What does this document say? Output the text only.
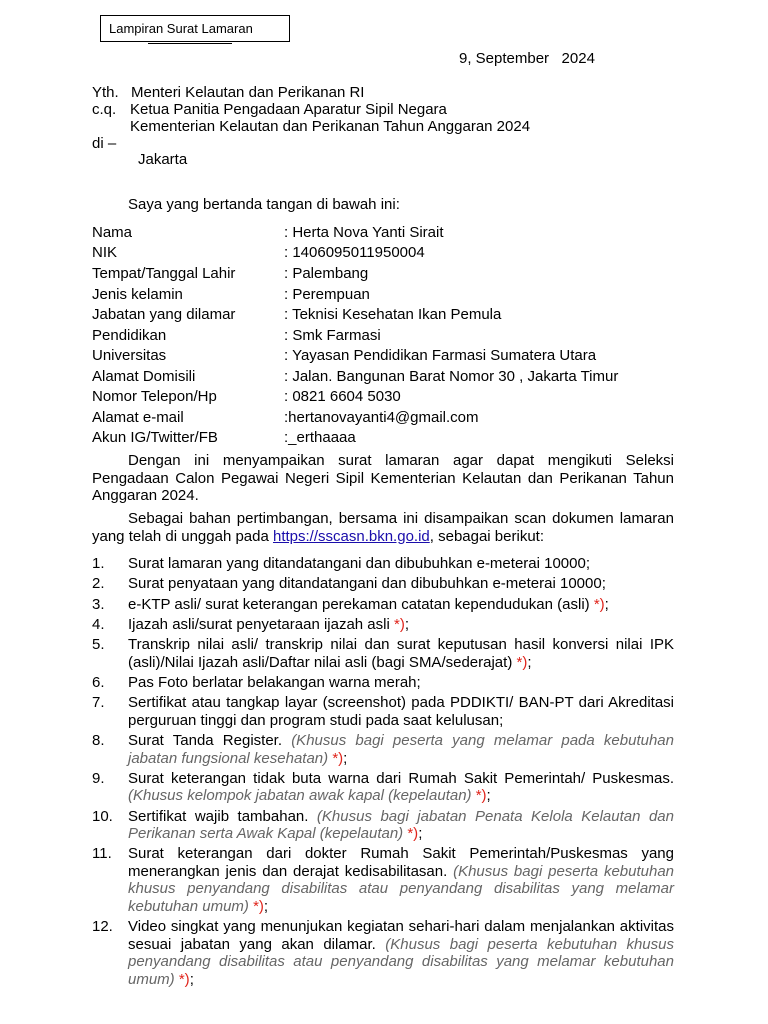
Lampiran Surat Lamaran
9, September   2024
Yth. Menteri Kelautan dan Perikanan RI
c.q. Ketua Panitia Pengadaan Aparatur Sipil Negara
Kementerian Kelautan dan Perikanan Tahun Anggaran 2024
di –
Jakarta
Saya yang bertanda tangan di bawah ini:
Nama	: Herta Nova Yanti Sirait
NIK	: 1406095011950004
Tempat/Tanggal Lahir	: Palembang
Jenis kelamin	: Perempuan
Jabatan yang dilamar	: Teknisi Kesehatan Ikan Pemula
Pendidikan	: Smk Farmasi
Universitas	: Yayasan Pendidikan Farmasi Sumatera Utara
Alamat Domisili	: Jalan. Bangunan Barat Nomor 30 , Jakarta Timur
Nomor Telepon/Hp	: 0821 6604 5030
Alamat e-mail	:hertanovayanti4@gmail.com
Akun IG/Twitter/FB	:_erthaaaa
Dengan ini menyampaikan surat lamaran agar dapat mengikuti Seleksi Pengadaan Calon Pegawai Negeri Sipil Kementerian Kelautan dan Perikanan Tahun Anggaran 2024.
Sebagai bahan pertimbangan, bersama ini disampaikan scan dokumen lamaran yang telah di unggah pada https://sscasn.bkn.go.id, sebagai berikut:
1.	Surat lamaran yang ditandatangani dan dibubuhkan e-meterai 10000;
2.	Surat penyataan yang ditandatangani dan dibubuhkan e-meterai 10000;
3.	e-KTP asli/ surat keterangan perekaman catatan kependudukan (asli) *);
4.	Ijazah asli/surat penyetaraan ijazah asli *);
5.	Transkrip nilai asli/ transkrip nilai dan surat keputusan hasil konversi nilai IPK (asli)/Nilai Ijazah asli/Daftar nilai asli (bagi SMA/sederajat) *);
6.	Pas Foto berlatar belakangan warna merah;
7.	Sertifikat atau tangkap layar (screenshot) pada PDDIKTI/ BAN-PT dari Akreditasi perguruan tinggi dan program studi pada saat kelulusan;
8.	Surat Tanda Register. (Khusus bagi peserta yang melamar pada kebutuhan jabatan fungsional kesehatan) *);
9.	Surat keterangan tidak buta warna dari Rumah Sakit Pemerintah/ Puskesmas. (Khusus kelompok jabatan awak kapal (kepelautan) *);
10.	Sertifikat wajib tambahan. (Khusus bagi jabatan Penata Kelola Kelautan dan Perikanan serta Awak Kapal (kepelautan) *);
11.	Surat keterangan dari dokter Rumah Sakit Pemerintah/Puskesmas yang menerangkan jenis dan derajat kedisabilitasan. (Khusus bagi peserta kebutuhan khusus penyandang disabilitas atau penyandang disabilitas yang melamar kebutuhan umum) *);
12.	Video singkat yang menunjukan kegiatan sehari-hari dalam menjalankan aktivitas sesuai jabatan yang akan dilamar. (Khusus bagi peserta kebutuhan khusus penyandang disabilitas atau penyandang disabilitas yang melamar kebutuhan umum) *);
